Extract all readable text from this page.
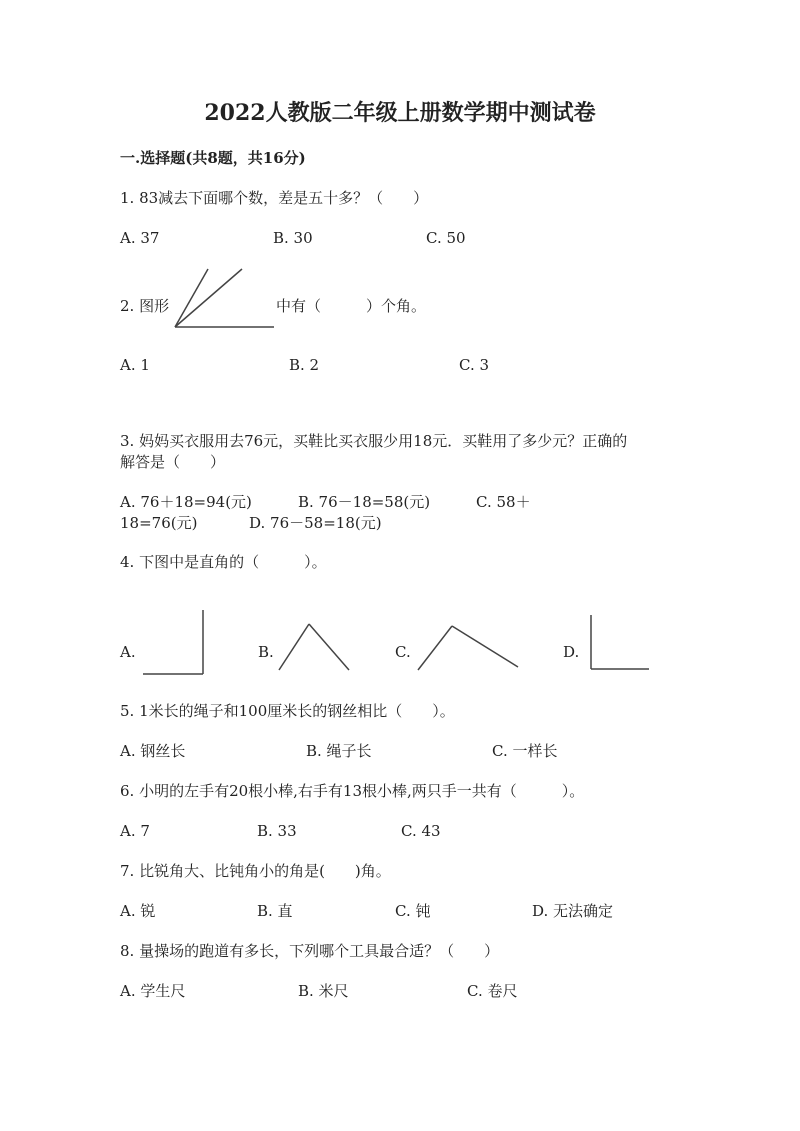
2022人教版二年级上册数学期中测试卷
一.选择题(共8题，共16分)
1. 83减去下面哪个数，差是五十多？（　　）
A. 37	B. 30	C. 50
2. 图形	中有（　　　）个角。
A. 1	B. 2	C. 3
3. 妈妈买衣服用去76元，买鞋比买衣服少用18元．买鞋用了多少元？正确的
解答是（　　）
A. 76＋18=94(元)	B. 76－18=58(元)	C. 58＋
18=76(元)	D. 76－58=18(元)
4. 下图中是直角的（　　　）。
A.	B.	C.	D.
5. 1米长的绳子和100厘米长的钢丝相比（　　）。
A. 钢丝长	B. 绳子长	C. 一样长
6. 小明的左手有20根小棒,右手有13根小棒,两只手一共有（　　　）。
A. 7	B. 33	C. 43
7. 比锐角大、比钝角小的角是(　　)角。
A. 锐	B. 直	C. 钝	D. 无法确定
8. 量操场的跑道有多长，下列哪个工具最合适？（　　）
A. 学生尺	B. 米尺	C. 卷尺
